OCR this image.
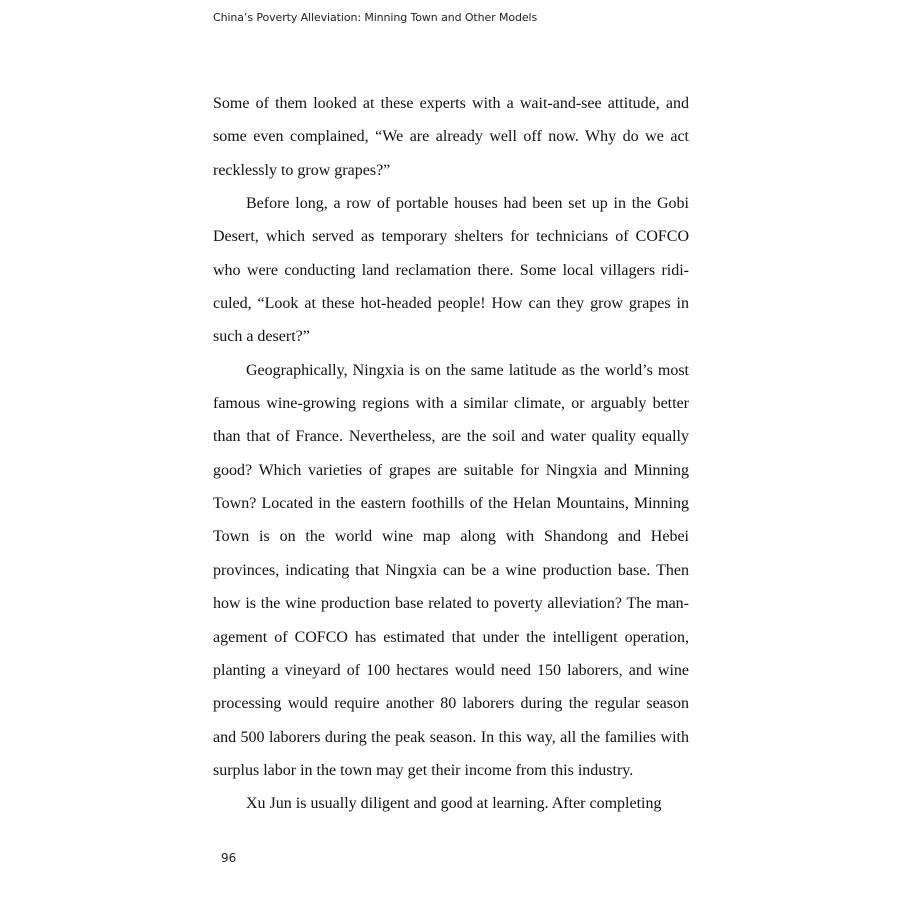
China’s Poverty Alleviation: Minning Town and Other Models

Some of them looked at these experts with a wait-and-see attitude, and some even complained, “We are already well off now. Why do we act recklessly to grow grapes?”

Before long, a row of portable houses had been set up in the Gobi Desert, which served as temporary shelters for technicians of COFCO who were conducting land reclamation there. Some local villagers ridiculed, “Look at these hot-headed people! How can they grow grapes in such a desert?”

Geographically, Ningxia is on the same latitude as the world’s most famous wine-growing regions with a similar climate, or arguably better than that of France. Nevertheless, are the soil and water quality equally good? Which varieties of grapes are suitable for Ningxia and Minning Town? Located in the eastern foothills of the Helan Mountains, Minning Town is on the world wine map along with Shandong and Hebei provinces, indicating that Ningxia can be a wine production base. Then how is the wine production base related to poverty alleviation? The management of COFCO has estimated that under the intelligent operation, planting a vineyard of 100 hectares would need 150 laborers, and wine processing would require another 80 laborers during the regular season and 500 laborers during the peak season. In this way, all the families with surplus labor in the town may get their income from this industry.

Xu Jun is usually diligent and good at learning. After completing

96
